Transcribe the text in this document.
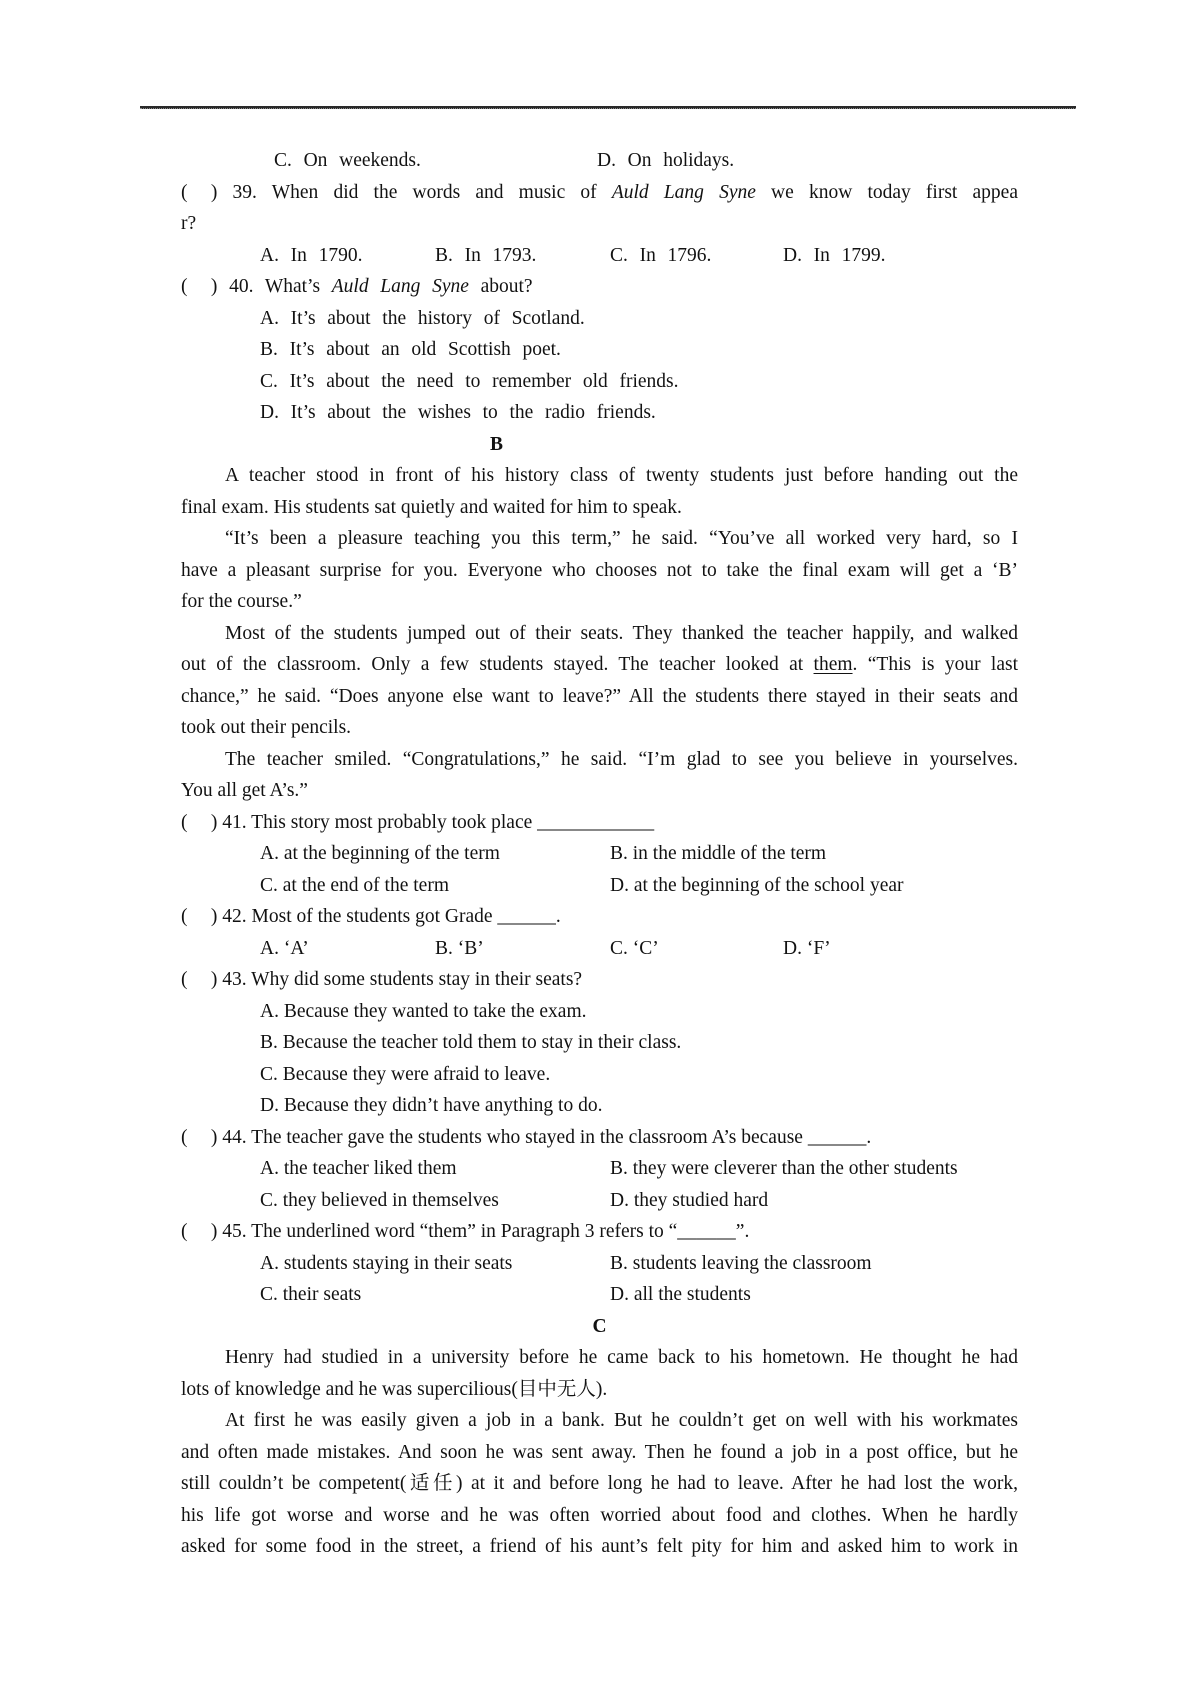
C. On weekends.	D. On holidays.
(  ) 39. When did the words and music of Auld Lang Syne we know today first appea
r?
A. In 1790.	B. In 1793.	C. In 1796.	D. In 1799.
(  ) 40. What’s Auld Lang Syne about?
A. It’s about the history of Scotland.
B. It’s about an old Scottish poet.
C. It’s about the need to remember old friends.
D. It’s about the wishes to the radio friends.
B
A teacher stood in front of his history class of twenty students just before handing out the
final exam. His students sat quietly and waited for him to speak.
“It’s been a pleasure teaching you this term,” he said. “You’ve all worked very hard, so I
have a pleasant surprise for you. Everyone who chooses not to take the final exam will get a ‘B’
for the course.”
Most of the students jumped out of their seats. They thanked the teacher happily, and walked
out of the classroom. Only a few students stayed. The teacher looked at them. “This is your last
chance,” he said. “Does anyone else want to leave?” All the students there stayed in their seats and
took out their pencils.
The teacher smiled. “Congratulations,” he said. “I’m glad to see you believe in yourselves.
You all get A’s.”
(  ) 41. This story most probably took place ____________
A. at the beginning of the term	B. in the middle of the term
C. at the end of the term	D. at the beginning of the school year
(  ) 42. Most of the students got Grade ______.
A. ‘A’	B. ‘B’	C. ‘C’	D. ‘F’
(  ) 43. Why did some students stay in their seats?
A. Because they wanted to take the exam.
B. Because the teacher told them to stay in their class.
C. Because they were afraid to leave.
D. Because they didn’t have anything to do.
(  ) 44. The teacher gave the students who stayed in the classroom A’s because ______.
A. the teacher liked them	B. they were cleverer than the other students
C. they believed in themselves	D. they studied hard
(  ) 45. The underlined word “them” in Paragraph 3 refers to “______”.
A. students staying in their seats	B. students leaving the classroom
C. their seats	D. all the students
C
Henry had studied in a university before he came back to his hometown. He thought he had
lots of knowledge and he was supercilious(目中无人).
At first he was easily given a job in a bank. But he couldn’t get on well with his workmates
and often made mistakes. And soon he was sent away. Then he found a job in a post office, but he
still couldn’t be competent(适任) at it and before long he had to leave. After he had lost the work,
his life got worse and worse and he was often worried about food and clothes. When he hardly
asked for some food in the street, a friend of his aunt’s felt pity for him and asked him to work in
